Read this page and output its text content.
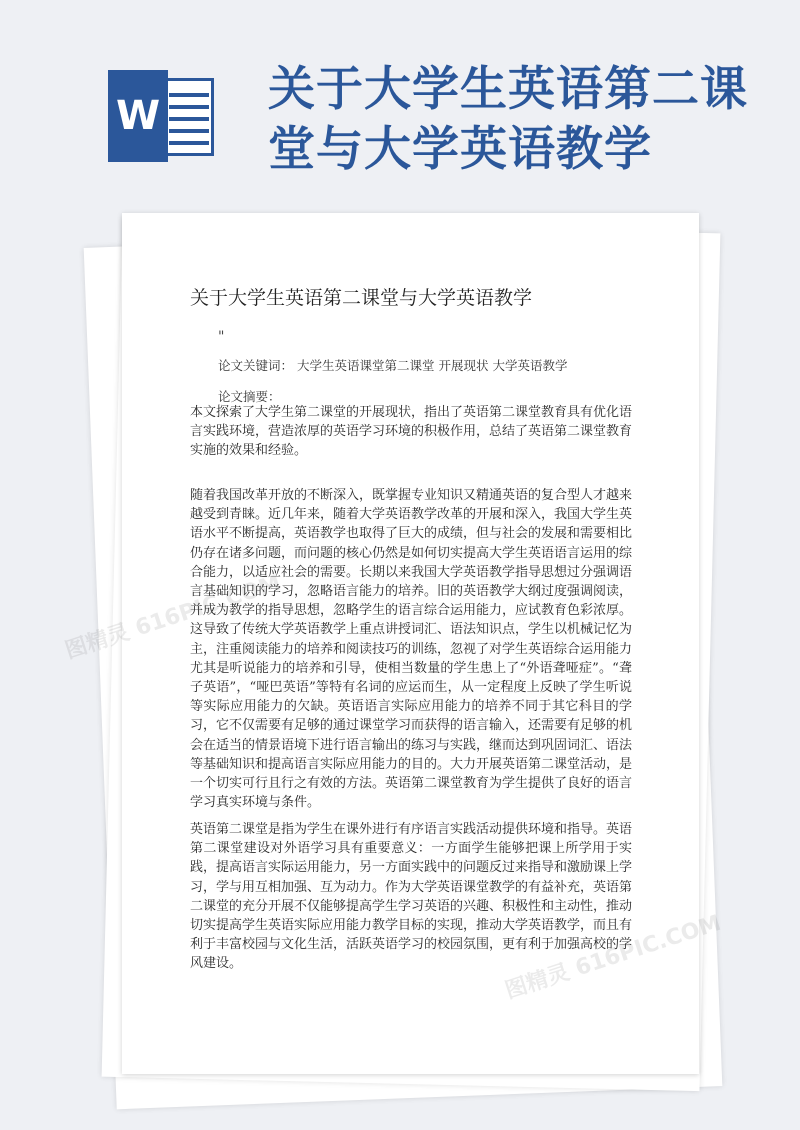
W 关于大学生英语第二课
堂与大学英语教学
关于大学生英语第二课堂与大学英语教学
"
论文关键词： 大学生英语课堂第二课堂 开展现状 大学英语教学
论文摘要：

本文探索了大学生第二课堂的开展现状，指出了英语第二课堂教育具有优化语言实践环境，营造浓厚的英语学习环境的积极作用，总结了英语第二课堂教育实施的效果和经验。

随着我国改革开放的不断深入，既掌握专业知识又精通英语的复合型人才越来越受到青睐。近几年来，随着大学英语教学改革的开展和深入，我国大学生英语水平不断提高，英语教学也取得了巨大的成绩，但与社会的发展和需要相比仍存在诸多问题，而问题的核心仍然是如何切实提高大学生英语语言运用的综合能力，以适应社会的需要。长期以来我国大学英语教学指导思想过分强调语言基础知识的学习，忽略语言能力的培养。旧的英语教学大纲过度强调阅读，并成为教学的指导思想，忽略学生的语言综合运用能力，应试教育色彩浓厚。这导致了传统大学英语教学上重点讲授词汇、语法知识点，学生以机械记忆为主，注重阅读能力的培养和阅读技巧的训练，忽视了对学生英语综合运用能力尤其是听说能力的培养和引导，使相当数量的学生患上了“外语聋哑症”。“聋子英语”，“哑巴英语”等特有名词的应运而生，从一定程度上反映了学生听说等实际应用能力的欠缺。英语语言实际应用能力的培养不同于其它科目的学习，它不仅需要有足够的通过课堂学习而获得的语言输入，还需要有足够的机会在适当的情景语境下进行语言输出的练习与实践，继而达到巩固词汇、语法等基础知识和提高语言实际应用能力的目的。大力开展英语第二课堂活动，是一个切实可行且行之有效的方法。英语第二课堂教育为学生提供了良好的语言学习真实环境与条件。

英语第二课堂是指为学生在课外进行有序语言实践活动提供环境和指导。英语第二课堂建设对外语学习具有重要意义：一方面学生能够把课上所学用于实践，提高语言实际运用能力，另一方面实践中的问题反过来指导和激励课上学习，学与用互相加强、互为动力。作为大学英语课堂教学的有益补充，英语第二课堂的充分开展不仅能够提高学生学习英语的兴趣、积极性和主动性，推动切实提高学生英语实际应用能力教学目标的实现，推动大学英语教学，而且有利于丰富校园与文化生活，活跃英语学习的校园氛围，更有利于加强高校的学风建设。

图精灵
